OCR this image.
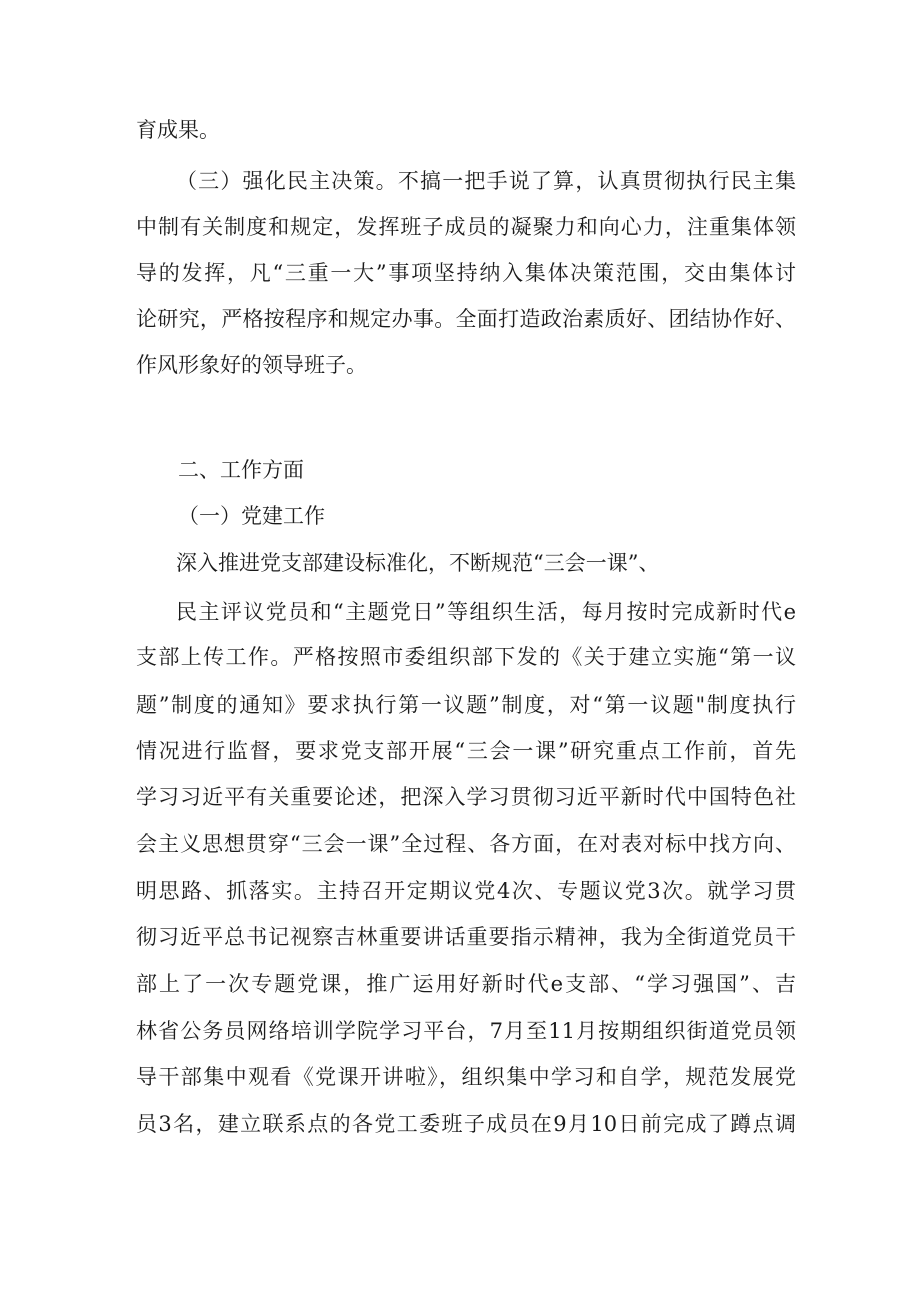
育成果。
（三）强化民主决策。不搞一把手说了算，认真贯彻执行民主集
中制有关制度和规定，发挥班子成员的凝聚力和向心力，注重集体领
导的发挥，凡“三重一大”事项坚持纳入集体决策范围，交由集体讨
论研究，严格按程序和规定办事。全面打造政治素质好、团结协作好、
作风形象好的领导班子。
二、工作方面
（一）党建工作
深入推进党支部建设标准化，不断规范“三会一课”、
民主评议党员和“主题党日”等组织生活，每月按时完成新时代e
支部上传工作。严格按照市委组织部下发的《关于建立实施“第一议
题”制度的通知》要求执行第一议题”制度，对“第一议题"制度执行
情况进行监督，要求党支部开展“三会一课”研究重点工作前，首先
学习习近平有关重要论述，把深入学习贯彻习近平新时代中国特色社
会主义思想贯穿“三会一课”全过程、各方面，在对表对标中找方向、
明思路、抓落实。主持召开定期议党4次、专题议党3次。就学习贯
彻习近平总书记视察吉林重要讲话重要指示精神，我为全街道党员干
部上了一次专题党课，推广运用好新时代e支部、“学习强国”、吉
林省公务员网络培训学院学习平台，7月至11月按期组织街道党员领
导干部集中观看《党课开讲啦》，组织集中学习和自学，规范发展党
员3名，建立联系点的各党工委班子成员在9月10日前完成了蹲点调
